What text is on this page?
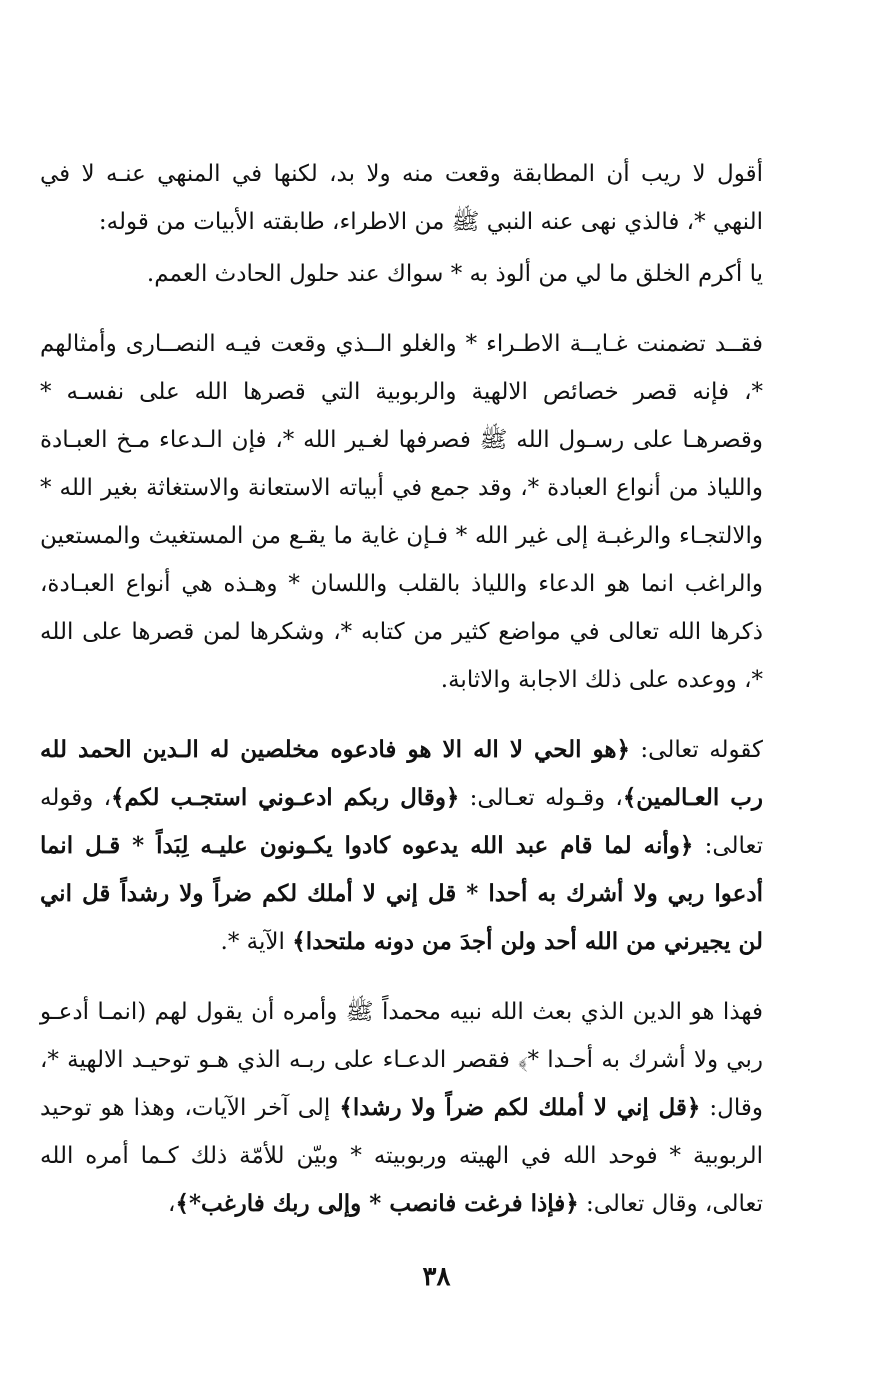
أقول لا ريب أن المطابقة وقعت منه ولا بد، لكنها في المنهي عنـه لا في النهي *، فالذي نهى عنه النبي ﷺ من الاطراء، طابقته الأبيات من قوله:

يا أكرم الخلق ما لي من ألوذ به * سواك عند حلول الحادث العمم.

فقــد تضمنت غـايــة الاطـراء * والغلو الــذي وقعت فيـه النصــارى وأمثالهم *، فإنه قصر خصائص الالهية والربوبية التي قصرها الله على نفسـه * وقصرهـا على رسـول الله ﷺ فصرفها لغـير الله *، فإن الـدعاء مـخ العبـادة واللياذ من أنواع العبادة *، وقد جمع في أبياته الاستعانة والاستغاثة بغير الله * والالتجـاء والرغبـة إلى غير الله * فـإن غاية ما يقـع من المستغيث والمستعين والراغب انما هو الدعاء واللياذ بالقلب واللسان * وهـذه هي أنواع العبـادة، ذكرها الله تعالى في مواضع كثير من كتابه *، وشكرها لمن قصرها على الله *، ووعده على ذلك الاجابة والاثابة.

كقوله تعالى: ﴿هو الحي لا اله الا هو فادعوه مخلصين له الـدين الحمد لله رب العـالمين﴾، وقـوله تعـالى: ﴿وقال ربكم ادعـوني استجـب لكم﴾، وقوله تعالى: ﴿وأنه لما قام عبد الله يدعوه كادوا يكـونون عليـه لِبَداً * قـل انما أدعوا ربي ولا أشرك به أحدا * قل إني لا أملك لكم ضراً ولا رشداً قل اني لن يجيرني من الله أحد ولن أجدَ من دونه ملتحدا﴾ الآية *.

فهذا هو الدين الذي بعث الله نبيه محمداً ﷺ وأمره أن يقول لهم (انمـا أدعـو ربي ولا أشرك به أحـدا *﴾ فقصر الدعـاء على ربـه الذي هـو توحيـد الالهية *، وقال: ﴿قل إني لا أملك لكم ضراً ولا رشدا﴾ إلى آخر الآيات، وهذا هو توحيد الربوبية * فوحد الله في الهيته وربوبيته * وبيّن للأمّة ذلك كـما أمره الله تعالى، وقال تعالى: ﴿فإذا فرغت فانصب * وإلى ربك فارغب*﴾،

٣٨
